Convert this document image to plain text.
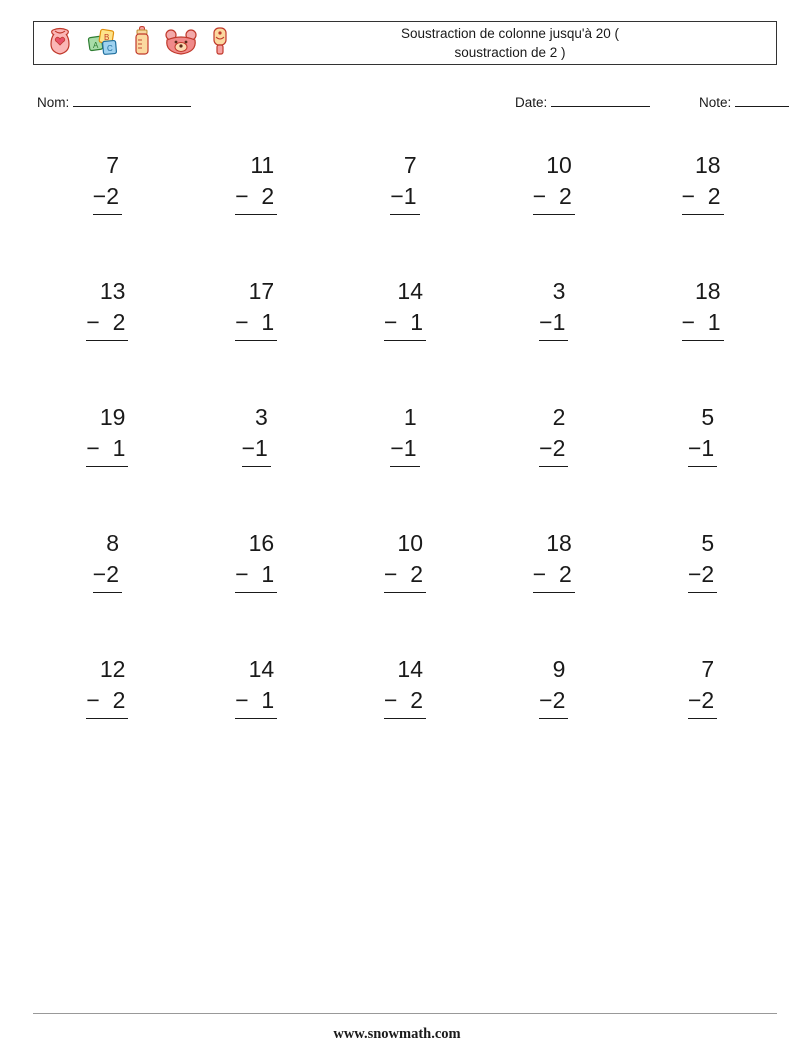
A
B
C
Soustraction de colonne jusqu'à 20 (
soustraction de 2 )
Nom:	Date:	Note:
7
−2
11
−  2
7
−1
10
−  2
18
−  2
13
−  2
17
−  1
14
−  1
3
−1
18
−  1
19
−  1
3
−1
1
−1
2
−2
5
−1
8
−2
16
−  1
10
−  2
18
−  2
5
−2
12
−  2
14
−  1
14
−  2
9
−2
7
−2
www.snowmath.com
